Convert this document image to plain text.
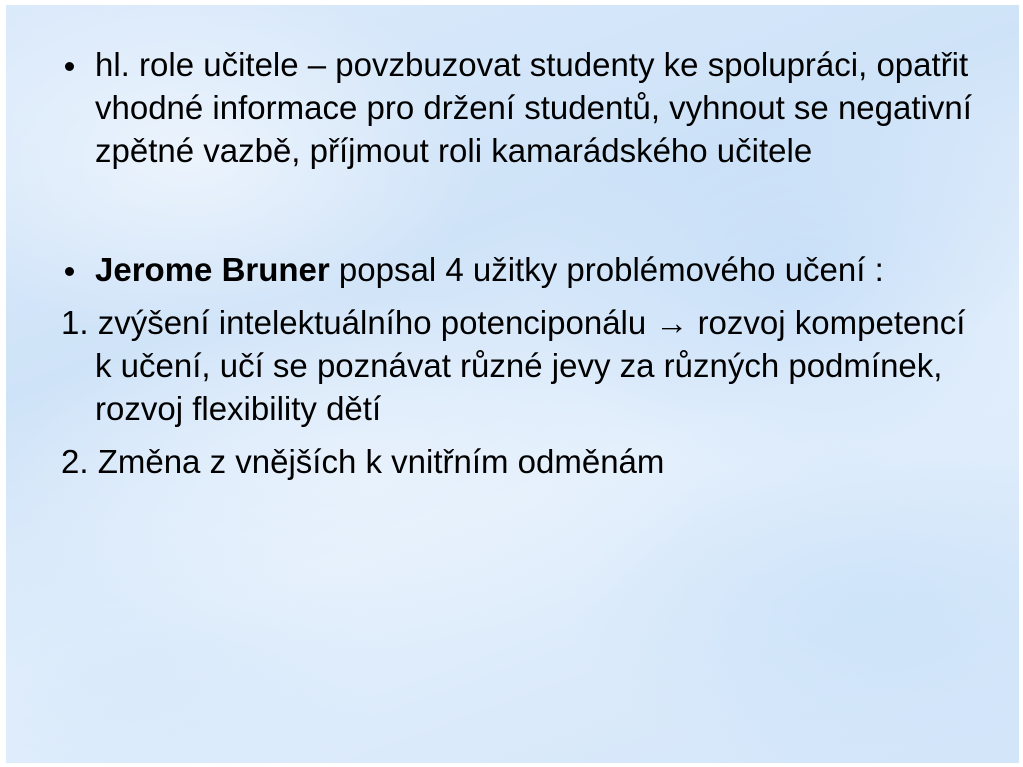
hl. role učitele – povzbuzovat studenty ke spolupráci, opatřit vhodné informace pro držení studentů, vyhnout se negativní zpětné vazbě, příjmout roli kamarádského učitele

Jerome Bruner popsal 4 užitky problémového učení :

1. zvýšení intelektuálního potenciponálu → rozvoj kompetencí k učení, učí se poznávat různé jevy za různých podmínek, rozvoj flexibility dětí

2. Změna z vnějších k vnitřním odměnám
